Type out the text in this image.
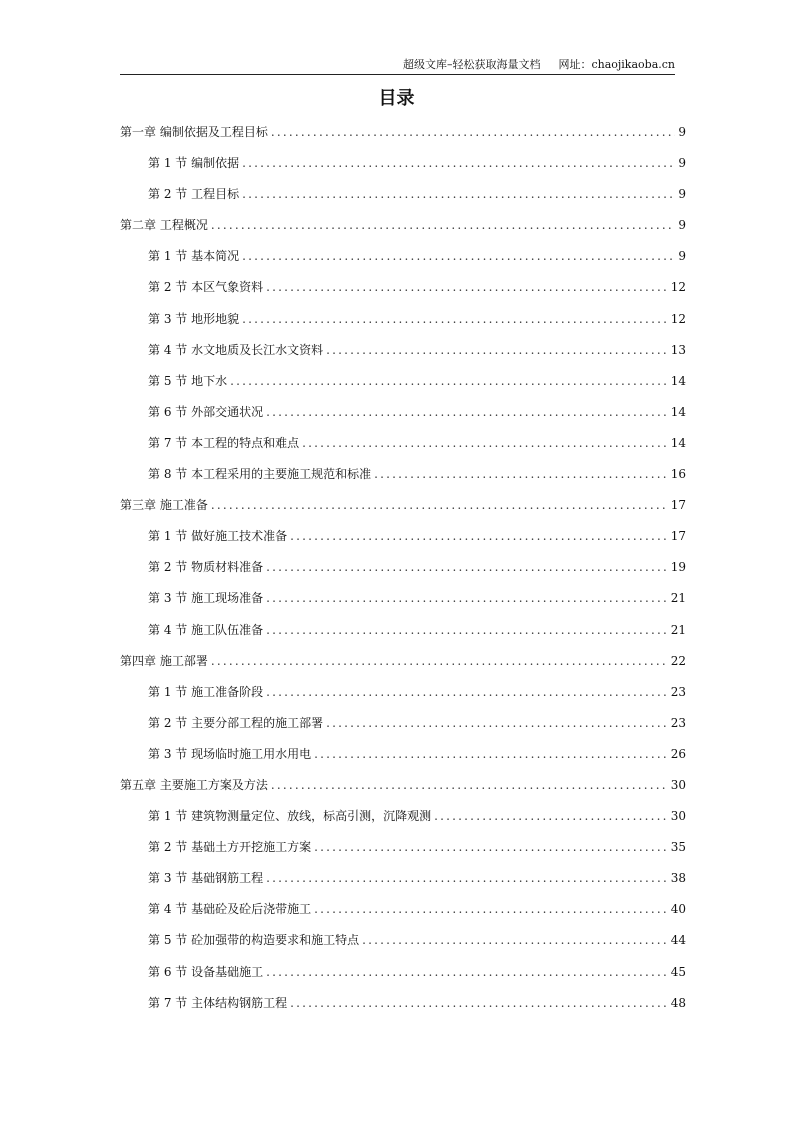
超级文库–轻松获取海量文档 网址：chaojikaoba.cn
目录
第一章 编制依据及工程目标 .....	9
第 1 节 编制依据 .....	9
第 2 节 工程目标 .....	9
第二章 工程概况 .....	9
第 1 节 基本简况 .....	9
第 2 节 本区气象资料 .....	12
第 3 节 地形地貌 .....	12
第 4 节 水文地质及长江水文资料 .....	13
第 5 节 地下水 .....	14
第 6 节 外部交通状况 .....	14
第 7 节 本工程的特点和难点 .....	14
第 8 节 本工程采用的主要施工规范和标准 .....	16
第三章 施工准备 .....	17
第 1 节 做好施工技术准备 .....	17
第 2 节 物质材料准备 .....	19
第 3 节 施工现场准备 .....	21
第 4 节 施工队伍准备 .....	21
第四章 施工部署 .....	22
第 1 节 施工准备阶段 .....	23
第 2 节 主要分部工程的施工部署 .....	23
第 3 节 现场临时施工用水用电 .....	26
第五章 主要施工方案及方法 .....	30
第 1 节 建筑物测量定位、放线，标高引测，沉降观测 .....	30
第 2 节 基础土方开挖施工方案 .....	35
第 3 节 基础钢筋工程 .....	38
第 4 节 基础砼及砼后浇带施工 .....	40
第 5 节 砼加强带的构造要求和施工特点 .....	44
第 6 节 设备基础施工 .....	45
第 7 节 主体结构钢筋工程 .....	48
